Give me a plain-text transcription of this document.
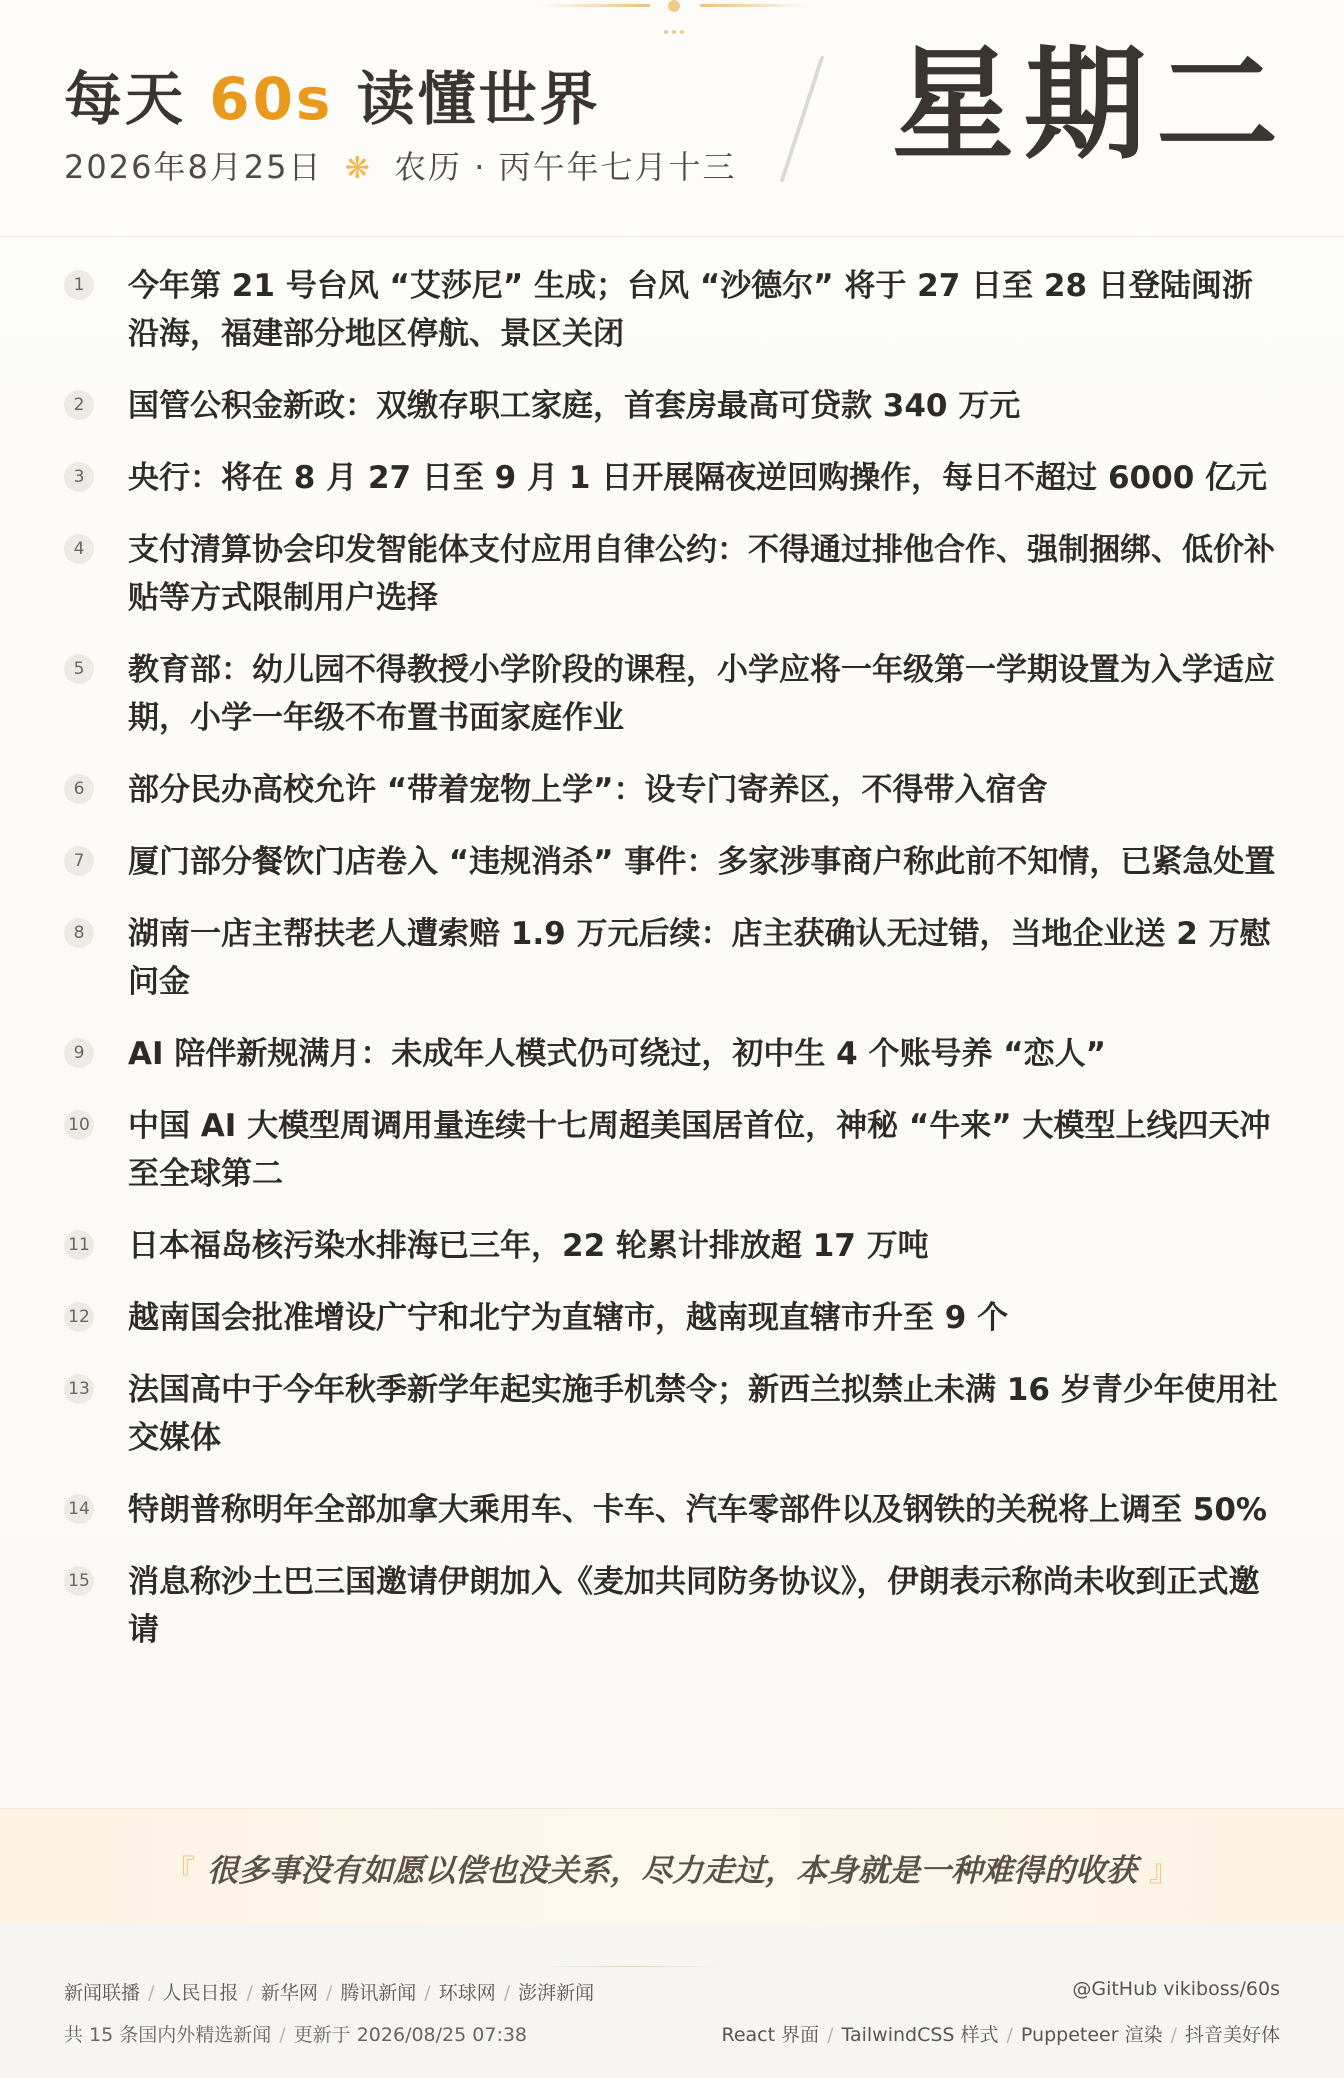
每天 60s 读懂世界
2026年8月25日 ❋ 农历 · 丙午年七月十三 星期二
1	今年第 21 号台风 “艾莎尼” 生成；台风 “沙德尔” 将于 27 日至 28 日登陆闽浙沿海，福建部分地区停航、景区关闭
2	国管公积金新政：双缴存职工家庭，首套房最高可贷款 340 万元
3	央行：将在 8 月 27 日至 9 月 1 日开展隔夜逆回购操作，每日不超过 6000 亿元
4	支付清算协会印发智能体支付应用自律公约：不得通过排他合作、强制捆绑、低价补贴等方式限制用户选择
5	教育部：幼儿园不得教授小学阶段的课程，小学应将一年级第一学期设置为入学适应期，小学一年级不布置书面家庭作业
6	部分民办高校允许 “带着宠物上学”：设专门寄养区，不得带入宿舍
7	厦门部分餐饮门店卷入 “违规消杀” 事件：多家涉事商户称此前不知情，已紧急处置
8	湖南一店主帮扶老人遭索赔 1.9 万元后续：店主获确认无过错，当地企业送 2 万慰问金
9	AI 陪伴新规满月：未成年人模式仍可绕过，初中生 4 个账号养 “恋人”
10 中国 AI 大模型周调用量连续十七周超美国居首位，神秘 “牛来” 大模型上线四天冲至全球第二
11 日本福岛核污染水排海已三年，22 轮累计排放超 17 万吨
12 越南国会批准增设广宁和北宁为直辖市，越南现直辖市升至 9 个
13 法国高中于今年秋季新学年起实施手机禁令；新西兰拟禁止未满 16 岁青少年使用社交媒体
14 特朗普称明年全部加拿大乘用车、卡车、汽车零部件以及钢铁的关税将上调至 50%
15 消息称沙土巴三国邀请伊朗加入《麦加共同防务协议》，伊朗表示称尚未收到正式邀请
『 很多事没有如愿以偿也没关系，尽力走过，本身就是一种难得的收获 』
新闻联播 / 人民日报 / 新华网 / 腾讯新闻 / 环球网 / 澎湃新闻	@GitHub vikiboss/60s
共 15 条国内外精选新闻 / 更新于 2026/08/25 07:38	React 界面 / TailwindCSS 样式 / Puppeteer 渲染 / 抖音美好体
